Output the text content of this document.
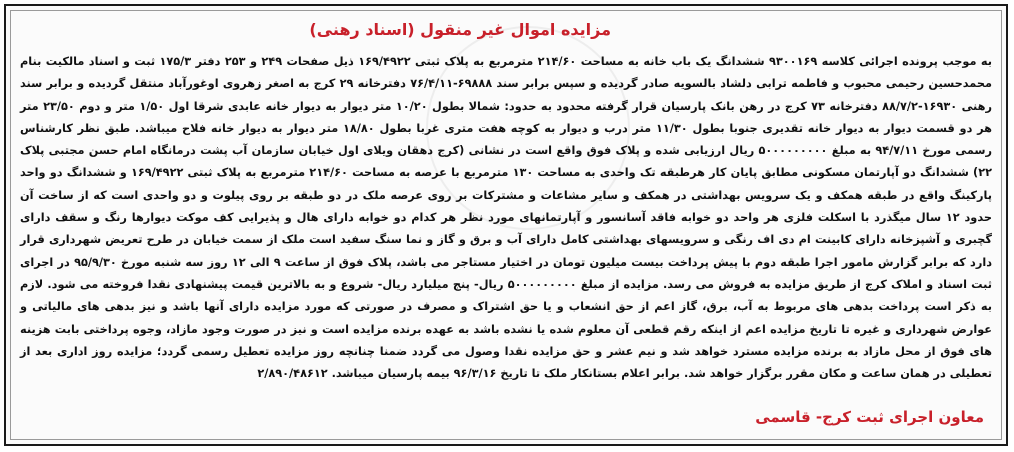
مزایده اموال غیر منقول (اسناد رهنی)

به موجب پرونده اجرائی کلاسه ۹۳۰۰۱۶۹ ششدانگ یک باب خانه به مساحت ۲۱۴/۶۰ مترمربع به پلاک ثبتی ۱۶۹/۴۹۲۲ ذیل صفحات ۲۴۹ و ۲۵۳ دفتر ۱۷۵/۳ ثبت و اسناد مالکیت بنام محمدحسین رحیمی محبوب و فاطمه ترابی دلشاد بالسویه صادر گردیده و سپس برابر سند ۶۹۸۸۸-۷۶/۴/۱۱ دفترخانه ۲۹ کرج به اصغر زهروی اوغورآباد منتقل گردیده و برابر سند رهنی ۱۶۹۳۰-۸۸/۷/۲ دفترخانه ۷۳ کرج در رهن بانک پارسیان قرار گرفته محدود به حدود: شمالا بطول ۱۰/۲۰ متر دیوار به دیوار خانه عابدی شرقا اول ۱/۵۰ متر و دوم ۲۳/۵۰ متر هر دو قسمت دیوار به دیوار خانه تقدیری جنوبا بطول ۱۱/۳۰ متر درب و دیوار به کوچه هفت متری غربا بطول ۱۸/۸۰ متر دیوار به دیوار خانه فلاح میباشد. طبق نظر کارشناس رسمی مورخ ۹۴/۷/۱۱ به مبلغ ۵۰۰۰۰۰۰۰۰۰ ریال ارزیابی شده و پلاک فوق واقع است در نشانی (کرج دهقان ویلای اول خیابان سازمان آب پشت درمانگاه امام حسن مجتبی پلاک ۲۲) ششدانگ دو آپارتمان مسکونی مطابق پایان کار هرطبقه تک واحدی به مساحت ۱۳۰ مترمربع با عرصه به مساحت ۲۱۴/۶۰ مترمربع به پلاک ثبتی ۱۶۹/۴۹۲۲ و ششدانگ دو واحد پارکینگ واقع در طبقه همکف و یک سرویس بهداشتی در همکف و سایر مشاعات و مشترکات بر روی عرصه ملک در دو طبقه بر روی پیلوت و دو واحدی است که از ساخت آن حدود ۱۲ سال میگذرد با اسکلت فلزی هر واحد دو خوابه فاقد آسانسور و آپارتمانهای مورد نظر هر کدام دو خوابه دارای هال و پذیرایی کف موکت دیوارها رنگ و سقف دارای گچبری و آشپزخانه دارای کابینت ام دی اف رنگی و سرویسهای بهداشتی کامل دارای آب و برق و گاز و نما سنگ سفید است ملک از سمت خیابان در طرح تعریض شهرداری قرار دارد که برابر گزارش مامور اجرا طبقه دوم با پیش پرداخت بیست میلیون تومان در اختیار مستاجر می باشد، پلاک فوق از ساعت ۹ الی ۱۲ روز سه شنبه مورخ ۹۵/۹/۳۰ در اجرای ثبت اسناد و املاک کرج از طریق مزایده به فروش می رسد. مزایده از مبلغ ۵۰۰۰۰۰۰۰۰۰ ریال- پنج میلیارد ریال- شروع و به بالاترین قیمت پیشنهادی نقدا فروخته می شود. لازم به ذکر است پرداخت بدهی های مربوط به آب، برق، گاز اعم از حق انشعاب و یا حق اشتراک و مصرف در صورتی که مورد مزایده دارای آنها باشد و نیز بدهی های مالیاتی و عوارض شهرداری و غیره تا تاریخ مزایده اعم از اینکه رقم قطعی آن معلوم شده یا نشده باشد به عهده برنده مزایده است و نیز در صورت وجود مازاد، وجوه پرداختی بابت هزینه های فوق از محل مازاد به برنده مزایده مسترد خواهد شد و نیم عشر و حق مزایده نقدا وصول می گردد ضمنا چنانچه روز مزایده تعطیل رسمی گردد؛ مزایده روز اداری بعد از تعطیلی در همان ساعت و مکان مقرر برگزار خواهد شد. برابر اعلام بستانکار ملک تا تاریخ ۹۶/۳/۱۶ بیمه پارسیان میباشد. ۲/۸۹۰/۴۸۶۱۲

معاون اجرای ثبت کرج- قاسمی
